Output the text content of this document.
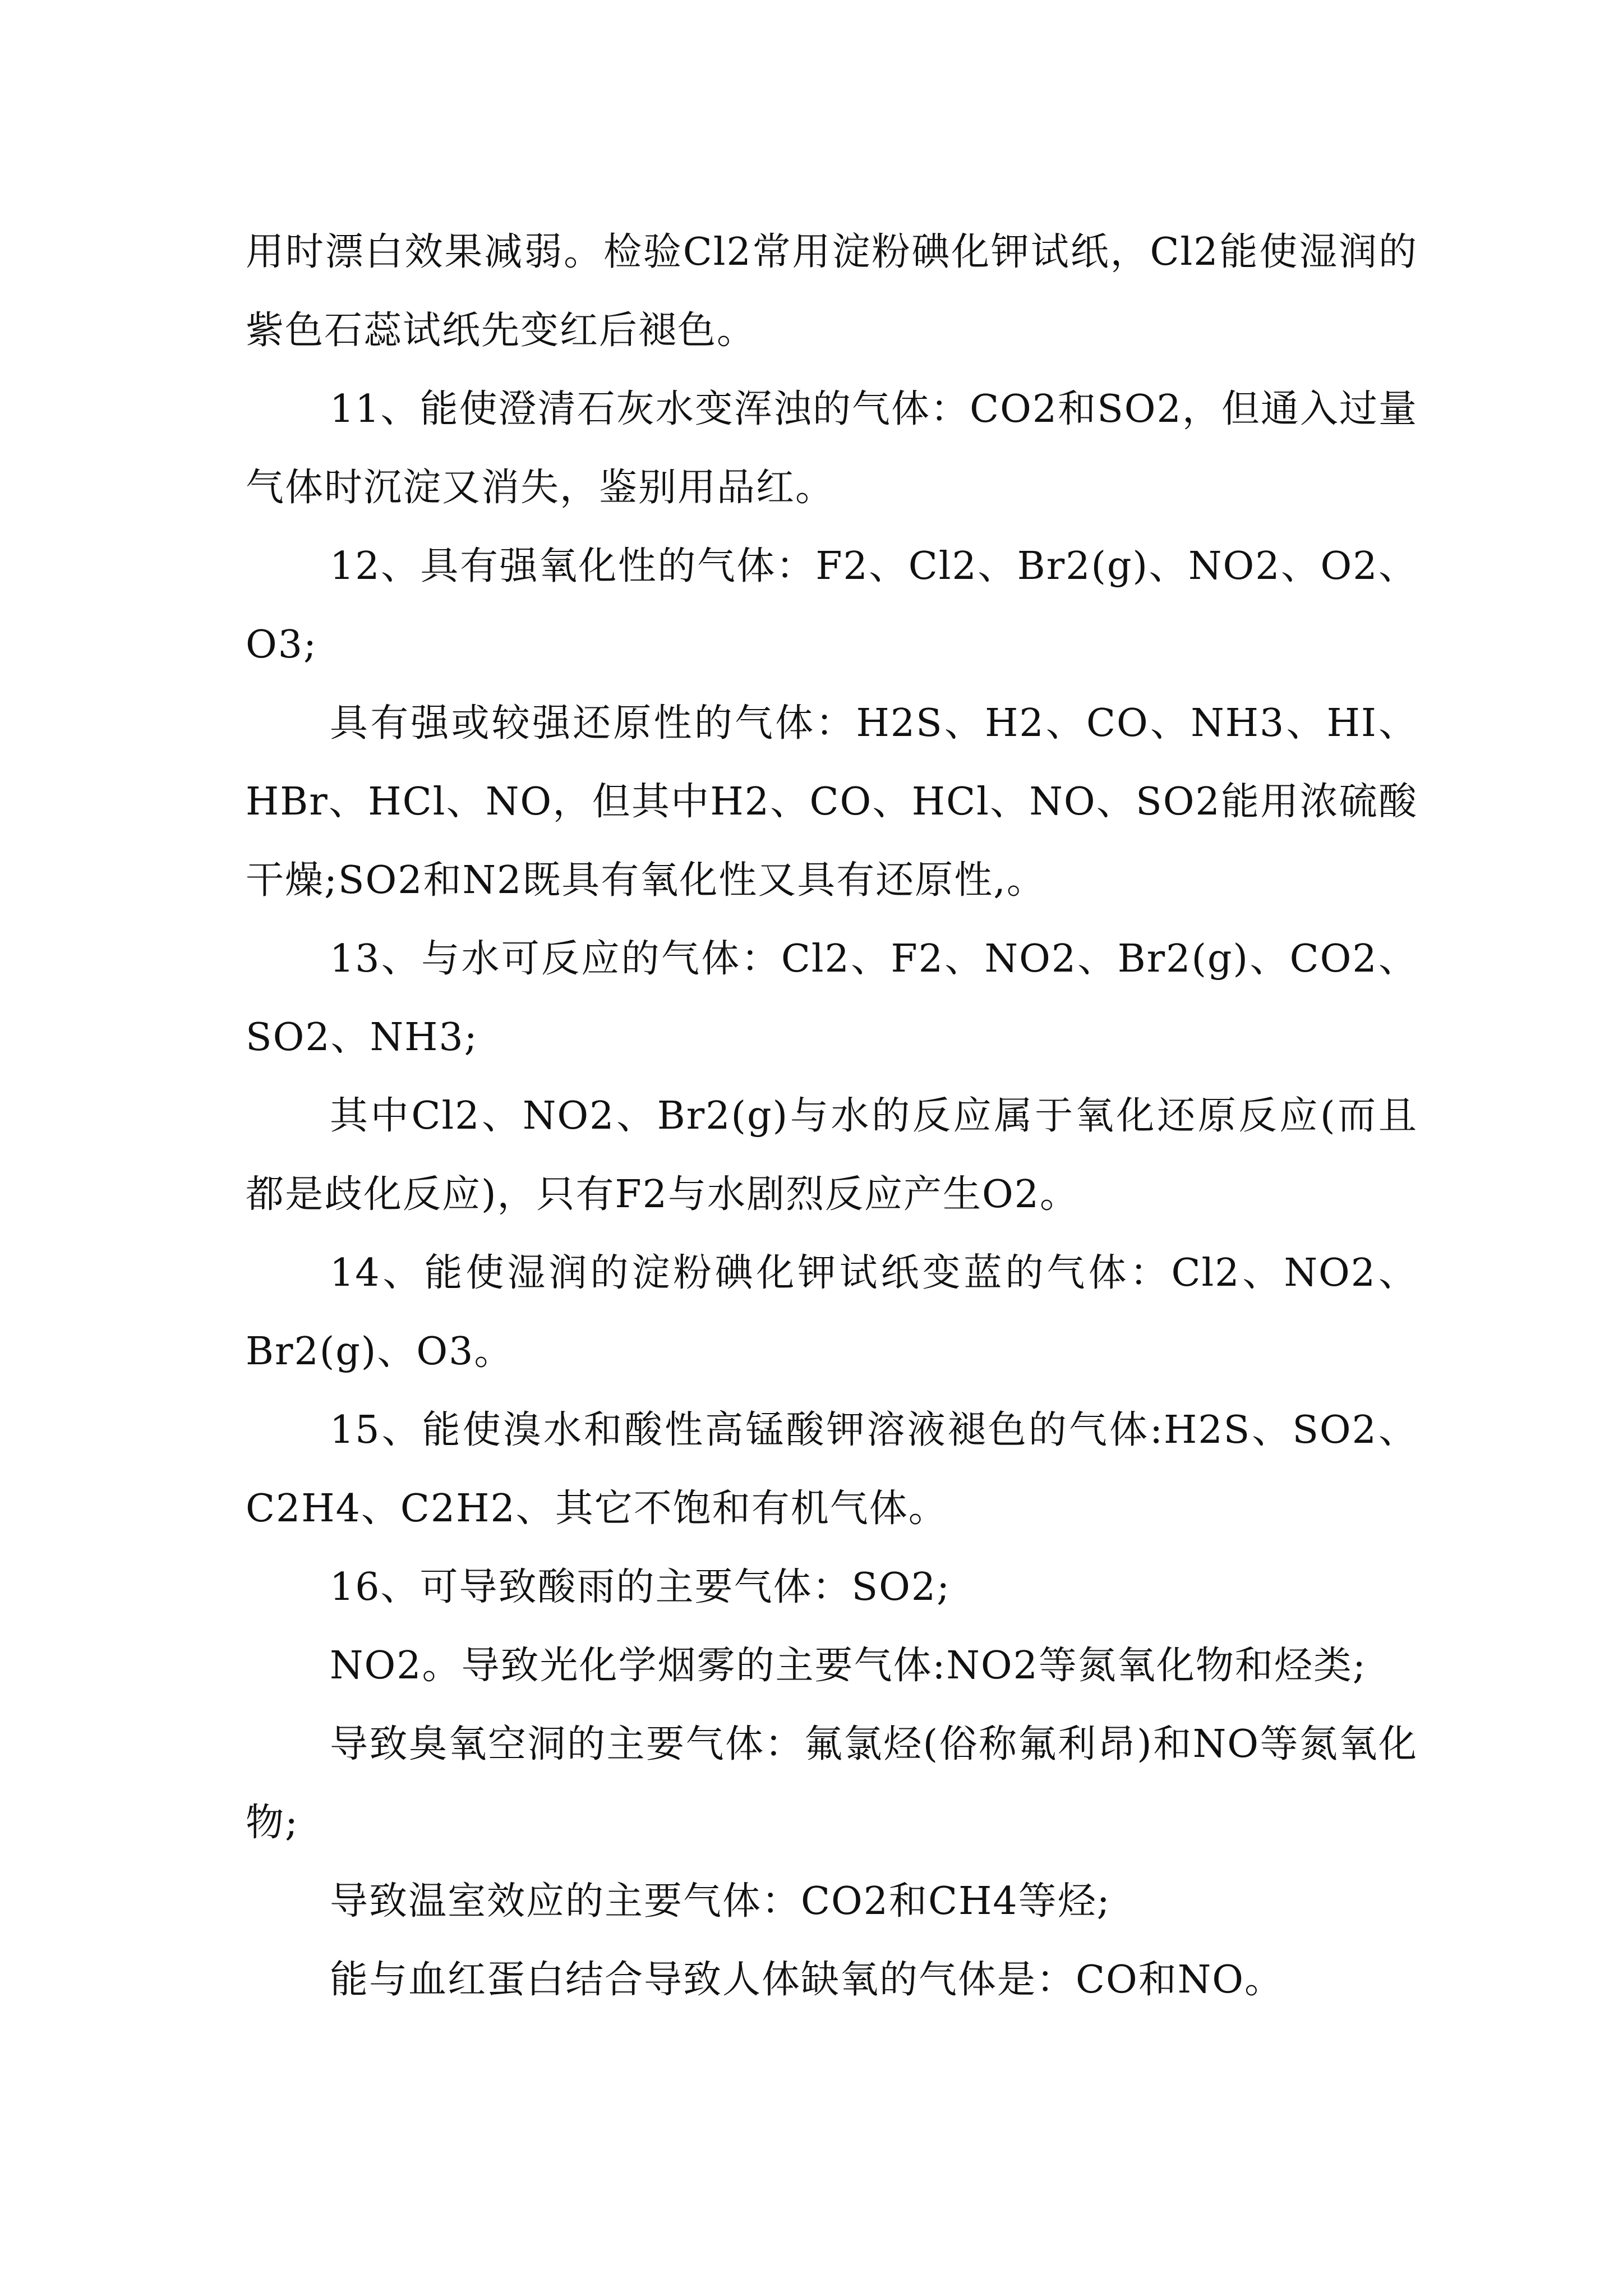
用时漂白效果减弱。检验Cl2常用淀粉碘化钾试纸，Cl2能使湿润的紫色石蕊试纸先变红后褪色。

11、能使澄清石灰水变浑浊的气体：CO2和SO2，但通入过量气体时沉淀又消失，鉴别用品红。

12、具有强氧化性的气体：F2、Cl2、Br2(g)、NO2、O2、O3;

具有强或较强还原性的气体：H2S、H2、CO、NH3、HI、HBr、HCl、NO，但其中H2、CO、HCl、NO、SO2能用浓硫酸干燥;SO2和N2既具有氧化性又具有还原性,。

13、与水可反应的气体：Cl2、F2、NO2、Br2(g)、CO2、SO2、NH3;

其中Cl2、NO2、Br2(g)与水的反应属于氧化还原反应(而且都是歧化反应)，只有F2与水剧烈反应产生O2。

14、能使湿润的淀粉碘化钾试纸变蓝的气体：Cl2、NO2、Br2(g)、O3。

15、能使溴水和酸性高锰酸钾溶液褪色的气体:H2S、SO2、C2H4、C2H2、其它不饱和有机气体。

16、可导致酸雨的主要气体：SO2;

NO2。导致光化学烟雾的主要气体:NO2等氮氧化物和烃类;

导致臭氧空洞的主要气体：氟氯烃(俗称氟利昂)和NO等氮氧化物;

导致温室效应的主要气体：CO2和CH4等烃;

能与血红蛋白结合导致人体缺氧的气体是：CO和NO。
